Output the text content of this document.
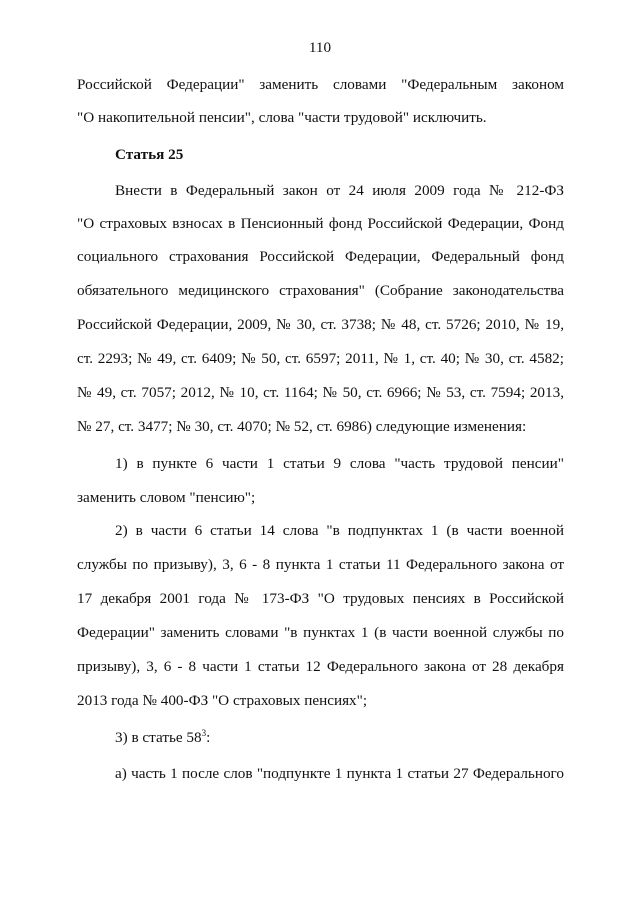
110
Российской Федерации" заменить словами "Федеральным законом
"О накопительной пенсии", слова "части трудовой" исключить.
Статья 25
Внести в Федеральный закон от 24 июля 2009 года № 212-ФЗ
"О страховых взносах в Пенсионный фонд Российской Федерации, Фонд
социального страхования Российской Федерации, Федеральный фонд
обязательного медицинского страхования" (Собрание законодательства
Российской Федерации, 2009, № 30, ст. 3738; № 48, ст. 5726; 2010, № 19,
ст. 2293; № 49, ст. 6409; № 50, ст. 6597; 2011, № 1, ст. 40; № 30, ст. 4582;
№ 49, ст. 7057; 2012, № 10, ст. 1164; № 50, ст. 6966; № 53, ст. 7594; 2013,
№ 27, ст. 3477; № 30, ст. 4070; № 52, ст. 6986) следующие изменения:
1) в пункте 6 части 1 статьи 9 слова "часть трудовой пенсии"
заменить словом "пенсию";
2) в части 6 статьи 14 слова "в подпунктах 1 (в части военной
службы по призыву), 3, 6 - 8 пункта 1 статьи 11 Федерального закона от
17 декабря 2001 года № 173-ФЗ "О трудовых пенсиях в Российской
Федерации" заменить словами "в пунктах 1 (в части военной службы по
призыву), 3, 6 - 8 части 1 статьи 12 Федерального закона от 28 декабря
2013 года № 400-ФЗ "О страховых пенсиях";
3) в статье $58^3$:
а) часть 1 после слов "подпункте 1 пункта 1 статьи 27 Федерального
